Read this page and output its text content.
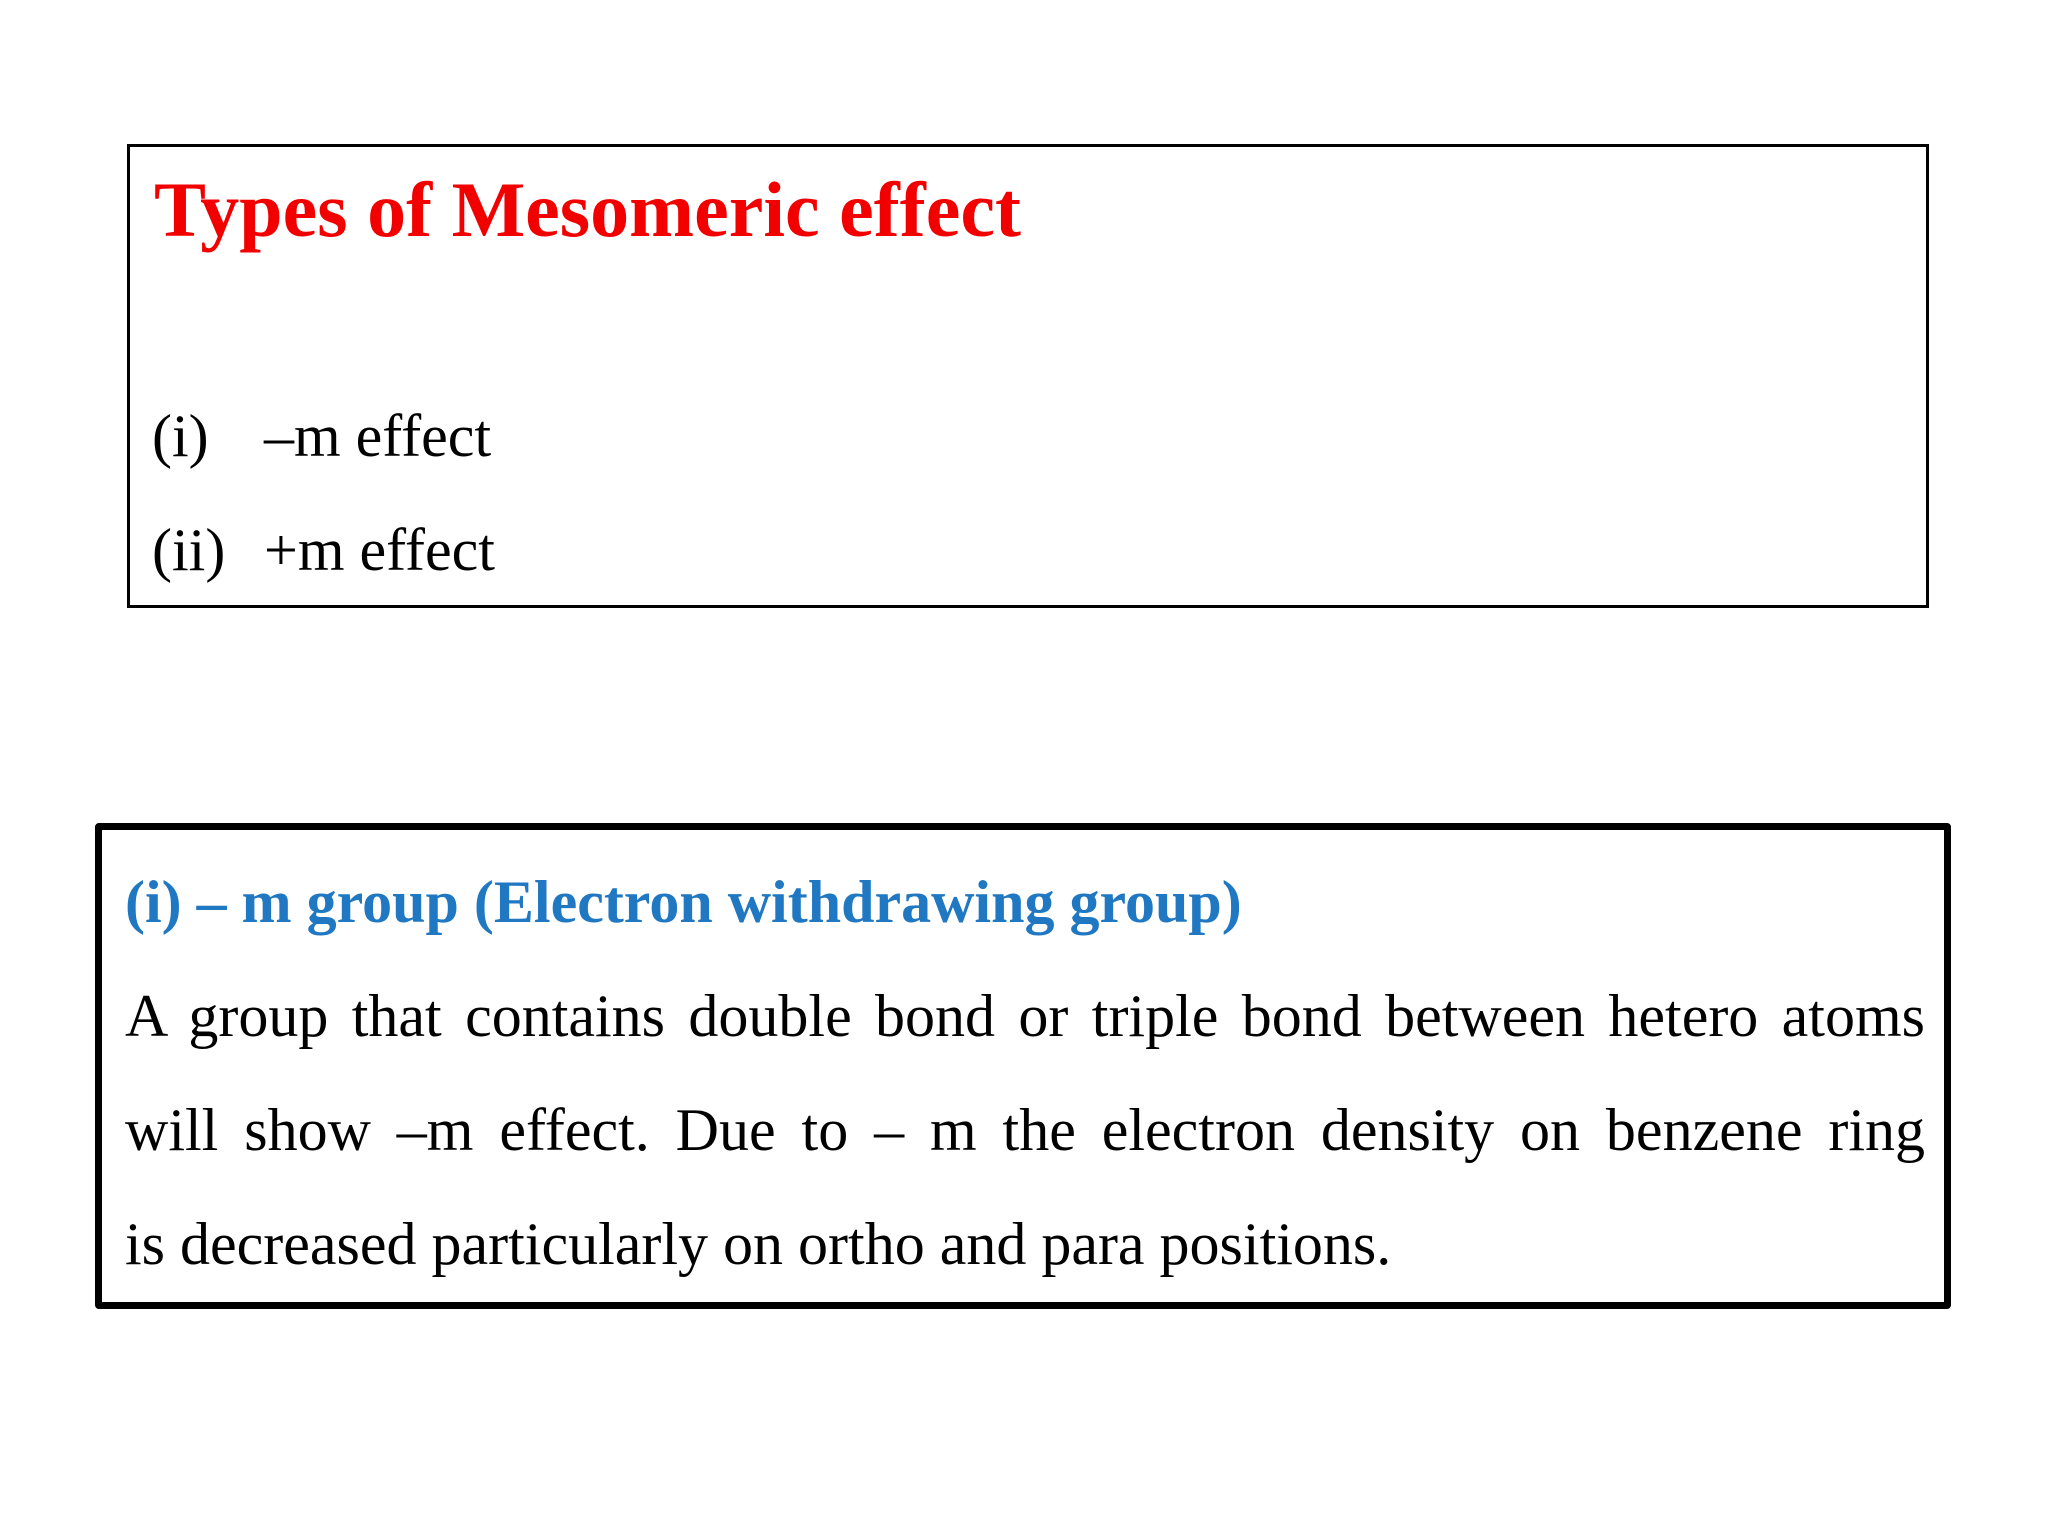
Types of Mesomeric effect
(i) –m effect
(ii) +m effect
(i) – m group (Electron withdrawing group)
A group that contains double bond or triple bond between hetero atoms
will show –m effect. Due to – m the electron density on benzene ring
is decreased particularly on ortho and para positions.
